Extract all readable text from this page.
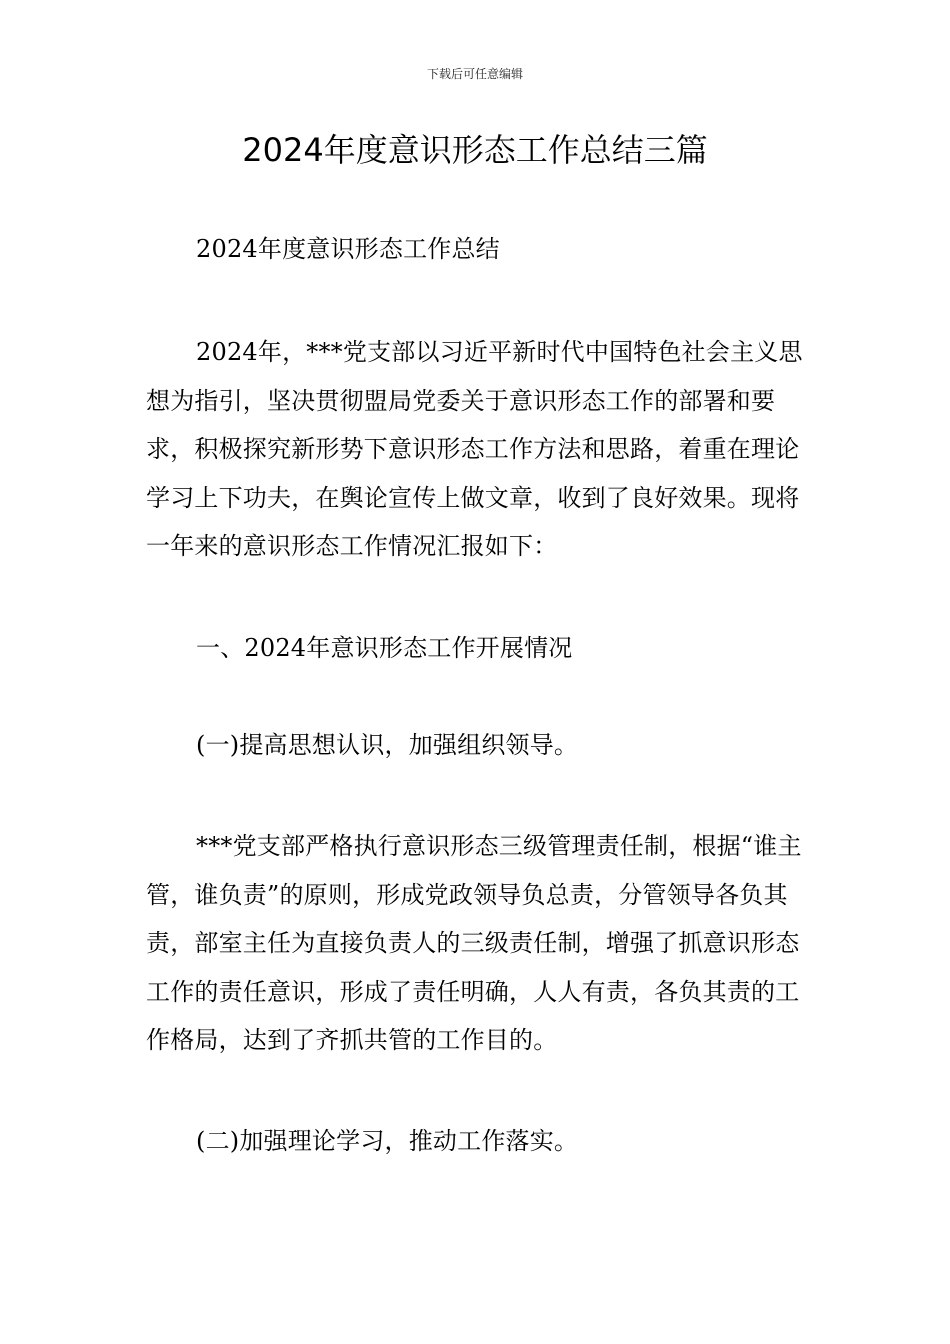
下载后可任意编辑
2024年度意识形态工作总结三篇

2024年度意识形态工作总结

2024年，***党支部以习近平新时代中国特色社会主义思想为指引，坚决贯彻盟局党委关于意识形态工作的部署和要求，积极探究新形势下意识形态工作方法和思路，着重在理论学习上下功夫，在舆论宣传上做文章，收到了良好效果。现将一年来的意识形态工作情况汇报如下：

一、2024年意识形态工作开展情况

(一)提高思想认识，加强组织领导。

***党支部严格执行意识形态三级管理责任制，根据“谁主管，谁负责”的原则，形成党政领导负总责，分管领导各负其责，部室主任为直接负责人的三级责任制，增强了抓意识形态工作的责任意识，形成了责任明确，人人有责，各负其责的工作格局，达到了齐抓共管的工作目的。

(二)加强理论学习，推动工作落实。
